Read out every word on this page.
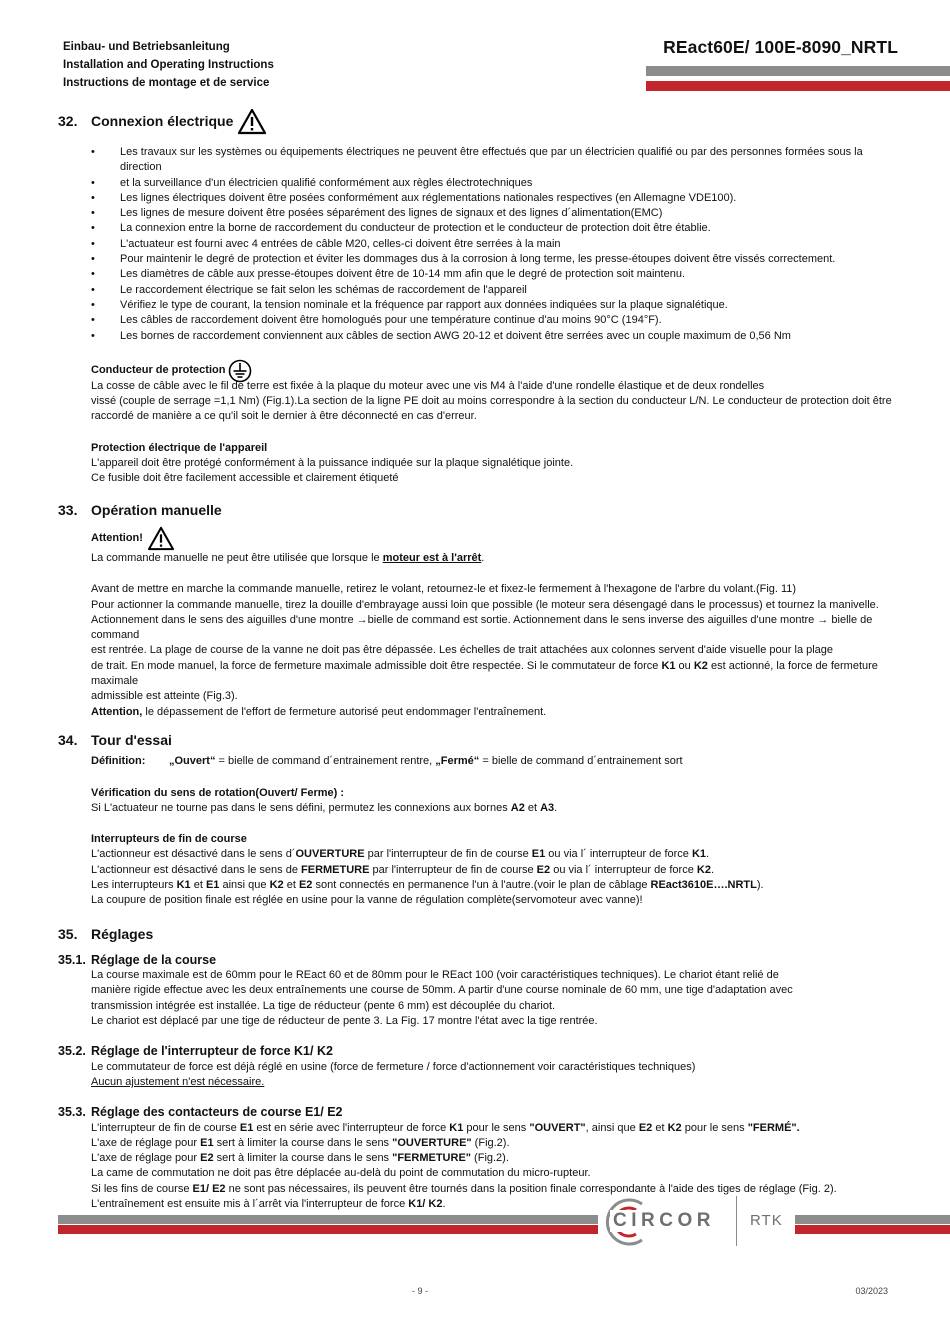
Einbau- und Betriebsanleitung
Installation and Operating Instructions
Instructions de montage et de service
REact60E/ 100E-8090_NRTL
32. Connexion électrique
• Les travaux sur les systèmes ou équipements électriques ne peuvent être effectués que par un électricien qualifié ou par des personnes formées sous la direction
• et la surveillance d'un électricien qualifié conformément aux règles électrotechniques
• Les lignes électriques doivent être posées conformément aux réglementations nationales respectives (en Allemagne VDE100).
• Les lignes de mesure doivent être posées séparément des lignes de signaux et des lignes d´alimentation(EMC)
• La connexion entre la borne de raccordement du conducteur de protection et le conducteur de protection doit être établie.
• L'actuateur est fourni avec 4 entrées de câble M20, celles-ci doivent être serrées à la main
• Pour maintenir le degré de protection et éviter les dommages dus à la corrosion à long terme, les presse-étoupes doivent être vissés correctement.
• Les diamètres de câble aux presse-étoupes doivent être de 10-14 mm afin que le degré de protection soit maintenu.
• Le raccordement électrique se fait selon les schémas de raccordement de l'appareil
• Vérifiez le type de courant, la tension nominale et la fréquence par rapport aux données indiquées sur la plaque signalétique.
• Les câbles de raccordement doivent être homologués pour une température continue d'au moins 90°C (194°F).
• Les bornes de raccordement conviennent aux câbles de section AWG 20-12 et doivent être serrées avec un couple maximum de 0,56 Nm
Conducteur de protection
La cosse de câble avec le fil de terre est fixée à la plaque du moteur avec une vis M4 à l'aide d'une rondelle élastique et de deux rondelles
vissé (couple de serrage =1,1 Nm) (Fig.1).La section de la ligne PE doit au moins correspondre à la section du conducteur L/N. Le conducteur de protection doit être
raccordé de manière a ce qu'il soit le dernier à être déconnecté en cas d'erreur.
Protection électrique de l'appareil
L'appareil doit être protégé conformément à la puissance indiquée sur la plaque signalétique jointe.
Ce fusible doit être facilement accessible et clairement étiqueté
33. Opération manuelle
Attention!
La commande manuelle ne peut être utilisée que lorsque le moteur est à l'arrêt.
Avant de mettre en marche la commande manuelle, retirez le volant, retournez-le et fixez-le fermement à l'hexagone de l'arbre du volant.(Fig. 11)
Pour actionner la commande manuelle, tirez la douille d'embrayage aussi loin que possible (le moteur sera désengagé dans le processus) et tournez la manivelle.
Actionnement dans le sens des aiguilles d'une montre →bielle de command est sortie. Actionnement dans le sens inverse des aiguilles d'une montre → bielle de command
est rentrée. La plage de course de la vanne ne doit pas être dépassée. Les échelles de trait attachées aux colonnes servent d'aide visuelle pour la plage
de trait. En mode manuel, la force de fermeture maximale admissible doit être respectée. Si le commutateur de force K1 ou K2 est actionné, la force de fermeture maximale
admissible est atteinte (Fig.3).
Attention, le dépassement de l'effort de fermeture autorisé peut endommager l'entraînement.
34. Tour d'essai
Définition: „Ouvert“ = bielle de command d´entrainement rentre, „Fermé“ = bielle de command d´entrainement sort
Vérification du sens de rotation(Ouvert/ Ferme) :
Si L'actuateur ne tourne pas dans le sens défini, permutez les connexions aux bornes A2 et A3.
Interrupteurs de fin de course
L'actionneur est désactivé dans le sens d´OUVERTURE par l'interrupteur de fin de course E1 ou via l´ interrupteur de force K1.
L'actionneur est désactivé dans le sens de FERMETURE par l'interrupteur de fin de course E2 ou via l´ interrupteur de force K2.
Les interrupteurs K1 et E1 ainsi que K2 et E2 sont connectés en permanence l'un à l'autre.(voir le plan de câblage REact3610E….NRTL).
La coupure de position finale est réglée en usine pour la vanne de régulation complète(servomoteur avec vanne)!
35. Réglages
35.1. Réglage de la course
La course maximale est de 60mm pour le REact 60 et de 80mm pour le REact 100 (voir caractéristiques techniques). Le chariot étant relié de
manière rigide effectue avec les deux entraînements une course de 50mm. A partir d'une course nominale de 60 mm, une tige d'adaptation avec
transmission intégrée est installée. La tige de réducteur (pente 6 mm) est découplée du chariot.
Le chariot est déplacé par une tige de réducteur de pente 3. La Fig. 17 montre l'état avec la tige rentrée.
35.2. Réglage de l'interrupteur de force K1/ K2
Le commutateur de force est déjà réglé en usine (force de fermeture / force d'actionnement voir caractéristiques techniques)
Aucun ajustement n'est nécessaire.
35.3. Réglage des contacteurs de course E1/ E2
L'interrupteur de fin de course E1 est en série avec l'interrupteur de force K1 pour le sens "OUVERT", ainsi que E2 et K2 pour le sens "FERMÉ".
L'axe de réglage pour E1 sert à limiter la course dans le sens "OUVERTURE" (Fig.2).
L'axe de réglage pour E2 sert à limiter la course dans le sens "FERMETURE" (Fig.2).
La came de commutation ne doit pas être déplacée au-delà du point de commutation du micro-rupteur.
Si les fins de course E1/ E2 ne sont pas nécessaires, ils peuvent être tournés dans la position finale correspondante à l'aide des tiges de réglage (Fig. 2).
L'entraînement est ensuite mis à l´arrêt via l'interrupteur de force K1/ K2.
CIRCOR RTK
- 9 -	03/2023
